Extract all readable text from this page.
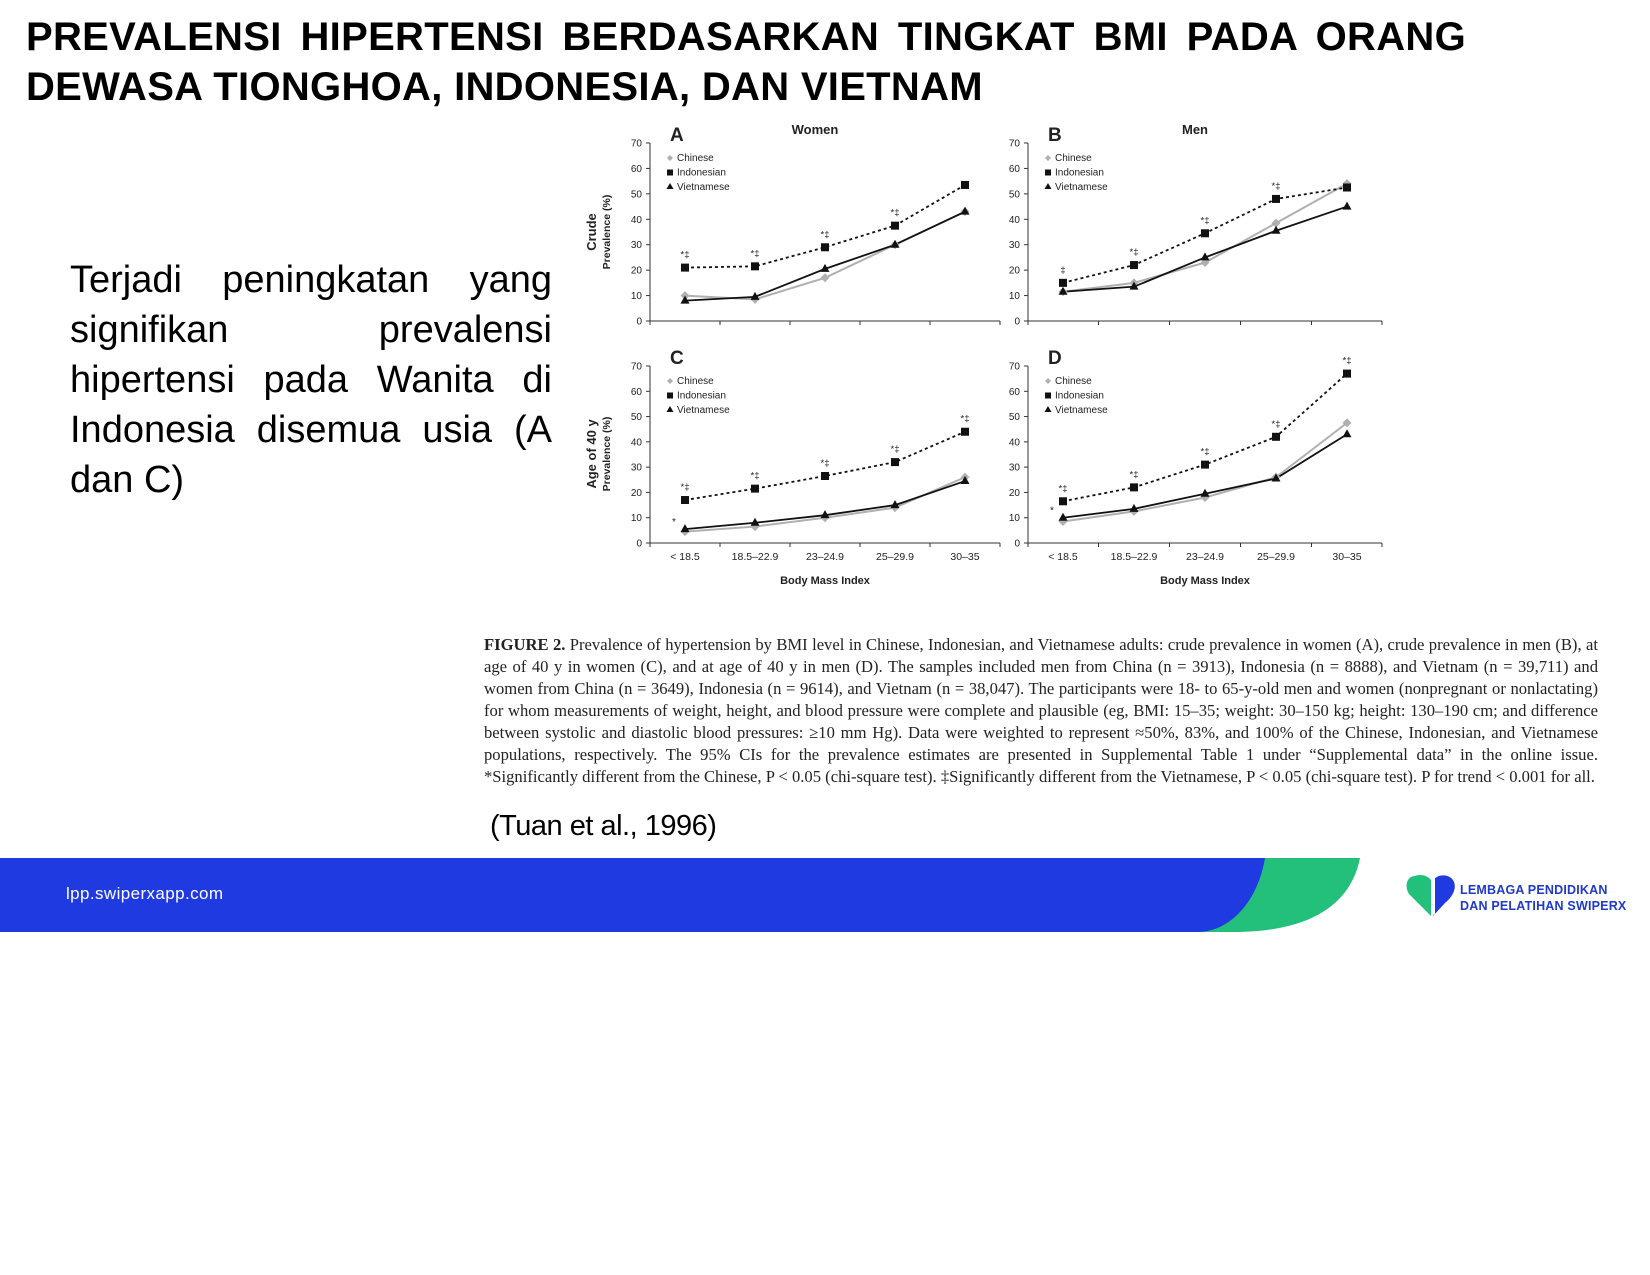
PREVALENSI HIPERTENSI BERDASARKAN TINGKAT BMI PADA ORANG DEWASA TIONGHOA, INDONESIA, DAN VIETNAM
Terjadi peningkatan yang signifikan prevalensi hipertensi pada Wanita di Indonesia disemua usia (A dan C)
Crude Prevalence (%)
Age of 40 y Prevalence (%)
0
10
20
30
40
50
60
70 A	Women
Chinese
Indonesian
Vietnamese
*‡	*‡
*‡
*‡
0
10
20
30
40
50
60
70 B	Men
Chinese
Indonesian
Vietnamese
‡
*‡
*‡
*‡
0
10
20
30
40
50
60
70
< 18.5	18.5–22.9	23–24.9	25–29.9	30–35
Body Mass Index
C
Chinese
Indonesian
Vietnamese
*‡
*‡
*‡
*‡
*‡
*
0
10
20
30
40
50
60
70
< 18.5	18.5–22.9	23–24.9	25–29.9	30–35
Body Mass Index
D
Chinese
Indonesian
Vietnamese
*‡
*‡
*‡
*‡
*‡
*
FIGURE 2. Prevalence of hypertension by BMI level in Chinese, Indonesian, and Vietnamese adults: crude prevalence in women (A), crude prevalence in men (B), at age of 40 y in women (C), and at age of 40 y in men (D). The samples included men from China (n = 3913), Indonesia (n = 8888), and Vietnam (n = 39,711) and women from China (n = 3649), Indonesia (n = 9614), and Vietnam (n = 38,047). The participants were 18- to 65-y-old men and women (nonpregnant or nonlactating) for whom measurements of weight, height, and blood pressure were complete and plausible (eg, BMI: 15–35; weight: 30–150 kg; height: 130–190 cm; and difference between systolic and diastolic blood pressures: ≥10 mm Hg). Data were weighted to represent ≈50%, 83%, and 100% of the Chinese, Indonesian, and Vietnamese populations, respectively. The 95% CIs for the prevalence estimates are presented in Supplemental Table 1 under “Supplemental data” in the online issue. *Significantly different from the Chinese, P < 0.05 (chi-square test). ‡Significantly different from the Vietnamese, P < 0.05 (chi-square test). P for trend < 0.001 for all.
(Tuan et al., 1996)
lpp.swiperxapp.com	LEMBAGA PENDIDIKAN
DAN PELATIHAN SWIPERX
